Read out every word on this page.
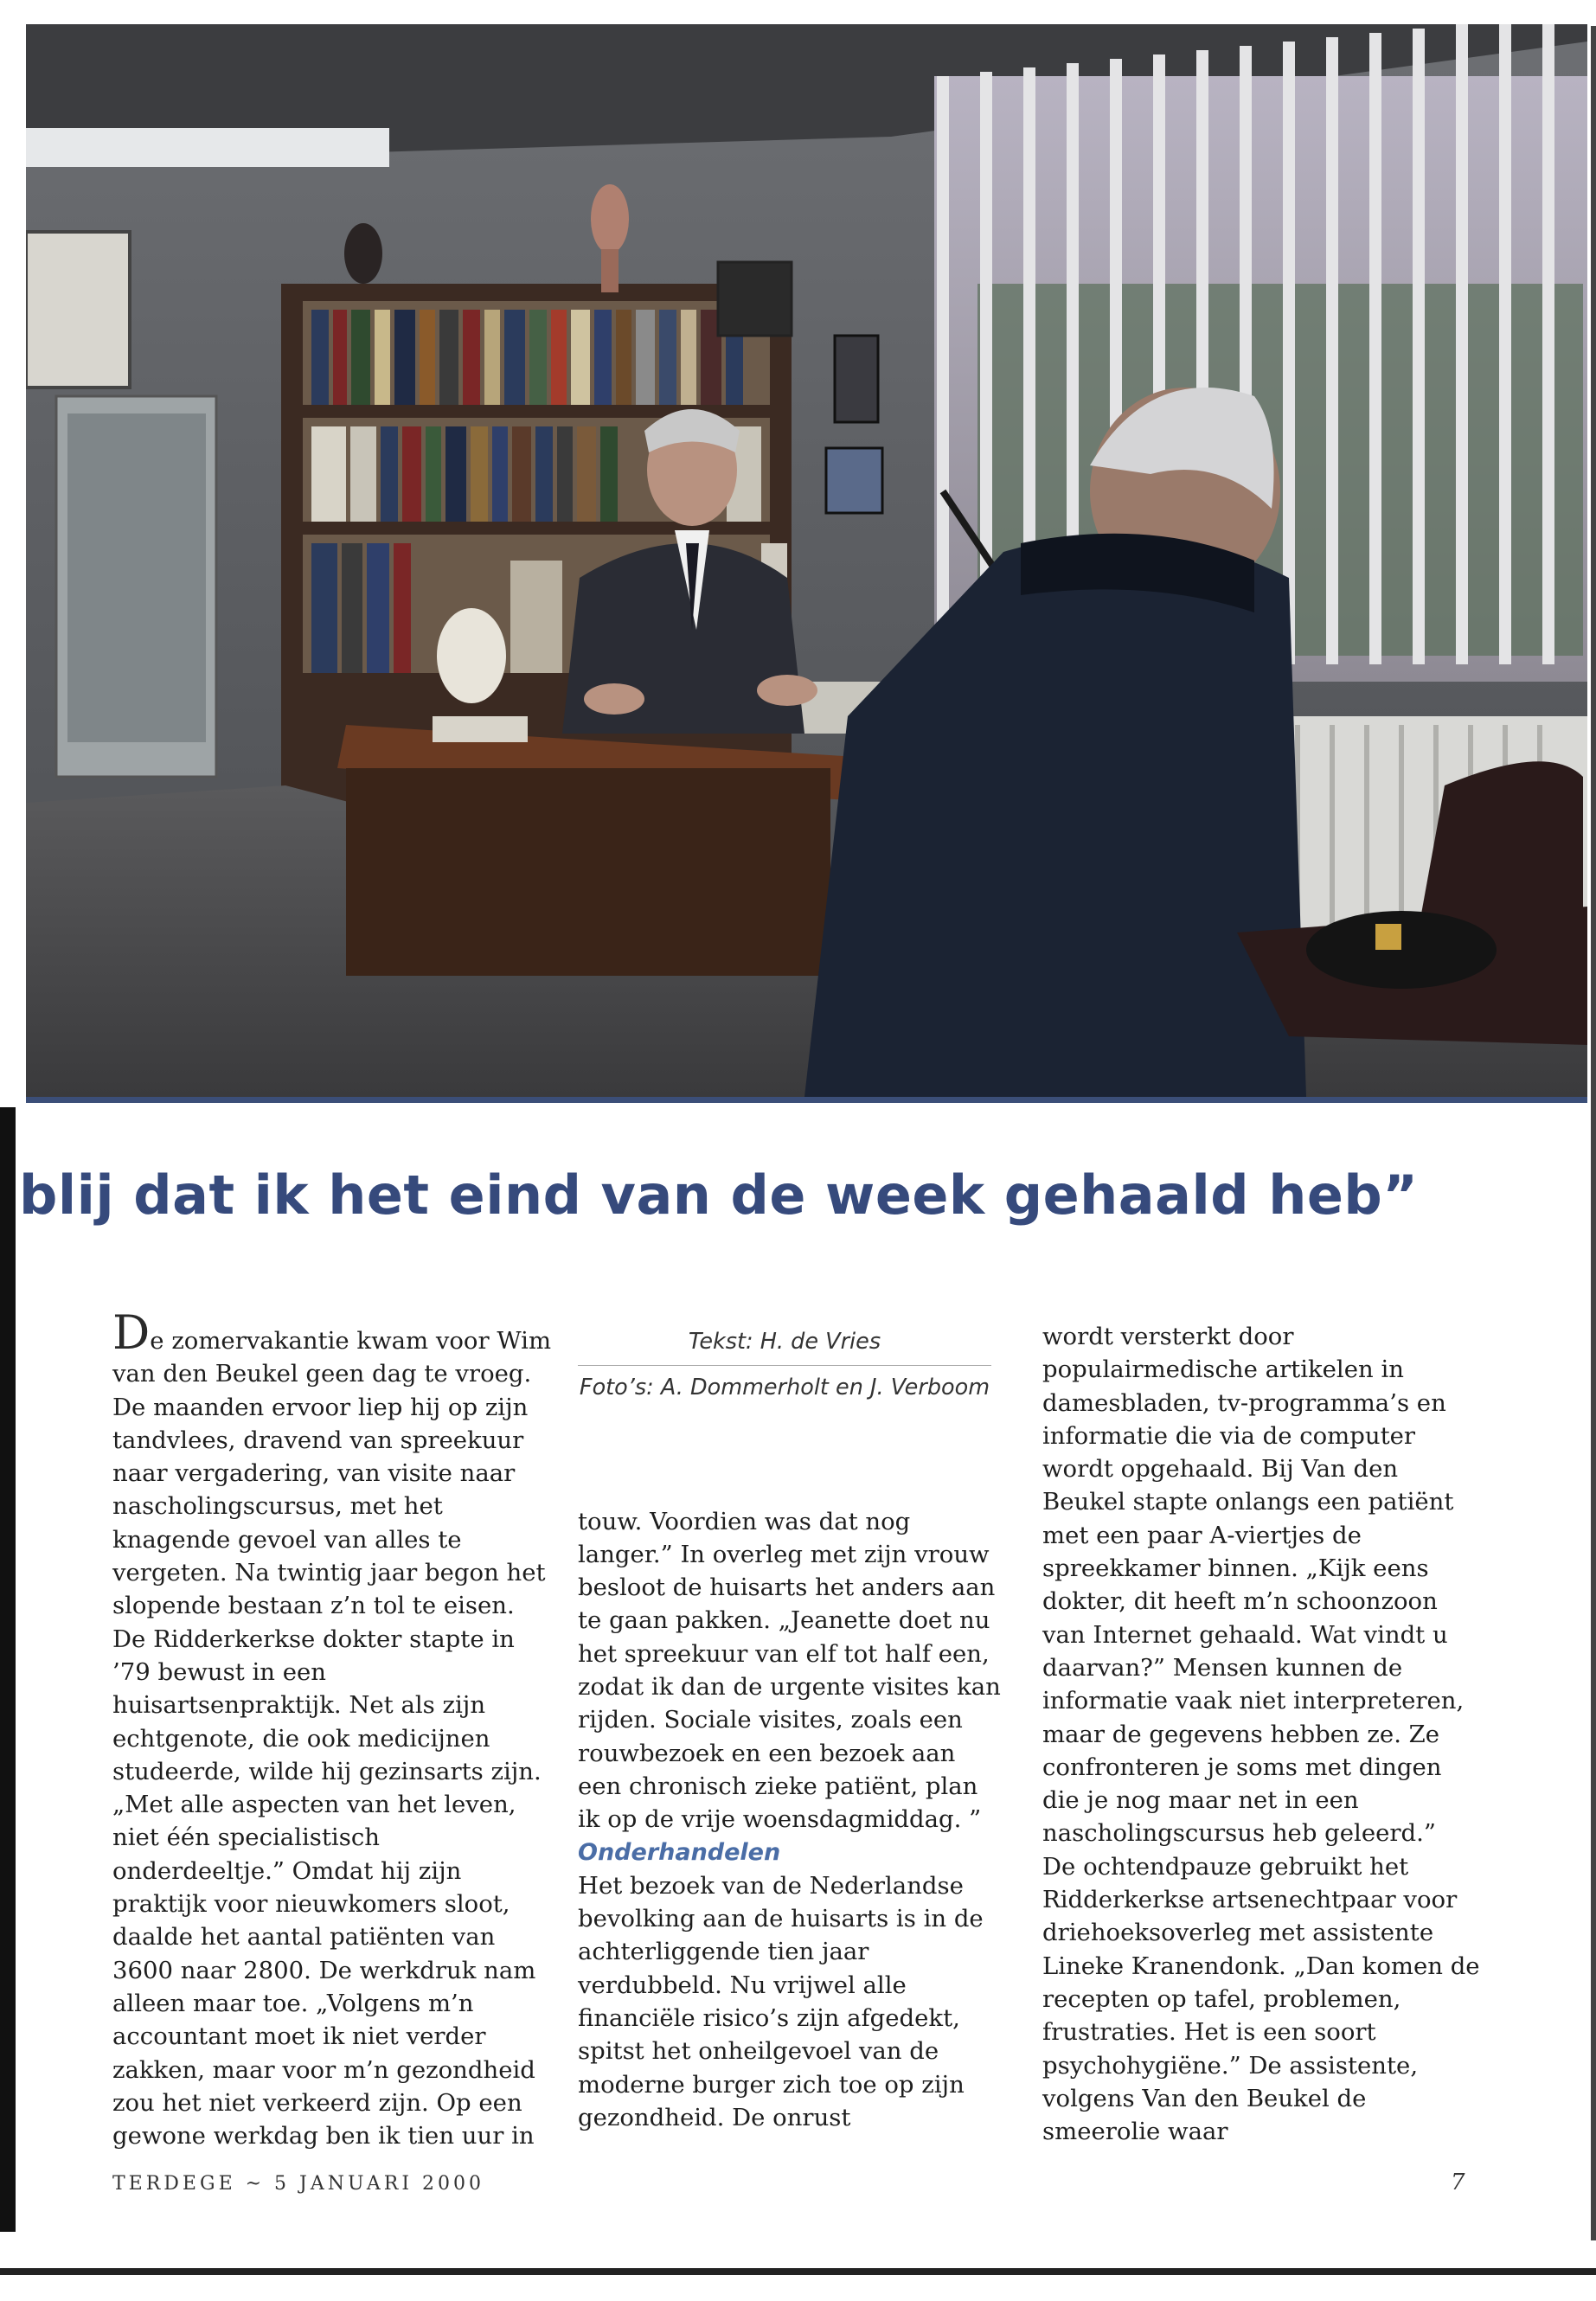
blij dat ik het eind van de week gehaald heb”

De zomervakantie kwam voor Wim van den Beukel geen dag te vroeg. De maanden ervoor liep hij op zijn tandvlees, dravend van spreekuur naar vergadering, van visite naar nascholingscursus, met het knagende gevoel van alles te vergeten. Na twintig jaar begon het slopende bestaan z’n tol te eisen. De Ridderkerkse dokter stapte in ’79 bewust in een huisartsenpraktijk. Net als zijn echtgenote, die ook medicijnen studeerde, wilde hij gezinsarts zijn. „Met alle aspecten van het leven, niet één specialistisch onderdeeltje.” Omdat hij zijn praktijk voor nieuwkomers sloot, daalde het aantal patiënten van 3600 naar 2800. De werkdruk nam alleen maar toe. „Volgens m’n accountant moet ik niet verder zakken, maar voor m’n gezondheid zou het niet verkeerd zijn. Op een gewone werkdag ben ik tien uur in

Tekst: H. de Vries
Foto’s: A. Dommerholt en J. Verboom

touw. Voordien was dat nog langer.” In overleg met zijn vrouw besloot de huisarts het anders aan te gaan pakken. „Jeanette doet nu het spreekuur van elf tot half een, zodat ik dan de urgente visites kan rijden. Sociale visites, zoals een rouwbezoek en een bezoek aan een chronisch zieke patiënt, plan ik op de vrije woensdagmiddag. ”

Onderhandelen

Het bezoek van de Nederlandse bevolking aan de huisarts is in de achterliggende tien jaar verdubbeld. Nu vrijwel alle financiële risico’s zijn afgedekt, spitst het onheilgevoel van de moderne burger zich toe op zijn gezondheid. De onrust

wordt versterkt door populairmedische artikelen in damesbladen, tv-programma’s en informatie die via de computer wordt opgehaald. Bij Van den Beukel stapte onlangs een patiënt met een paar A-viertjes de spreekkamer binnen. „Kijk eens dokter, dit heeft m’n schoonzoon van Internet gehaald. Wat vindt u daarvan?” Mensen kunnen de informatie vaak niet interpreteren, maar de gegevens hebben ze. Ze confronteren je soms met dingen die je nog maar net in een nascholingscursus heb geleerd.”

De ochtendpauze gebruikt het Ridderkerkse artsenechtpaar voor driehoeksoverleg met assistente Lineke Kranendonk. „Dan komen de recepten op tafel, problemen, frustraties. Het is een soort psychohygiëne.” De assistente, volgens Van den Beukel de smeerolie waar

TERDEGE ~ 5 JANUARI 2000	7
